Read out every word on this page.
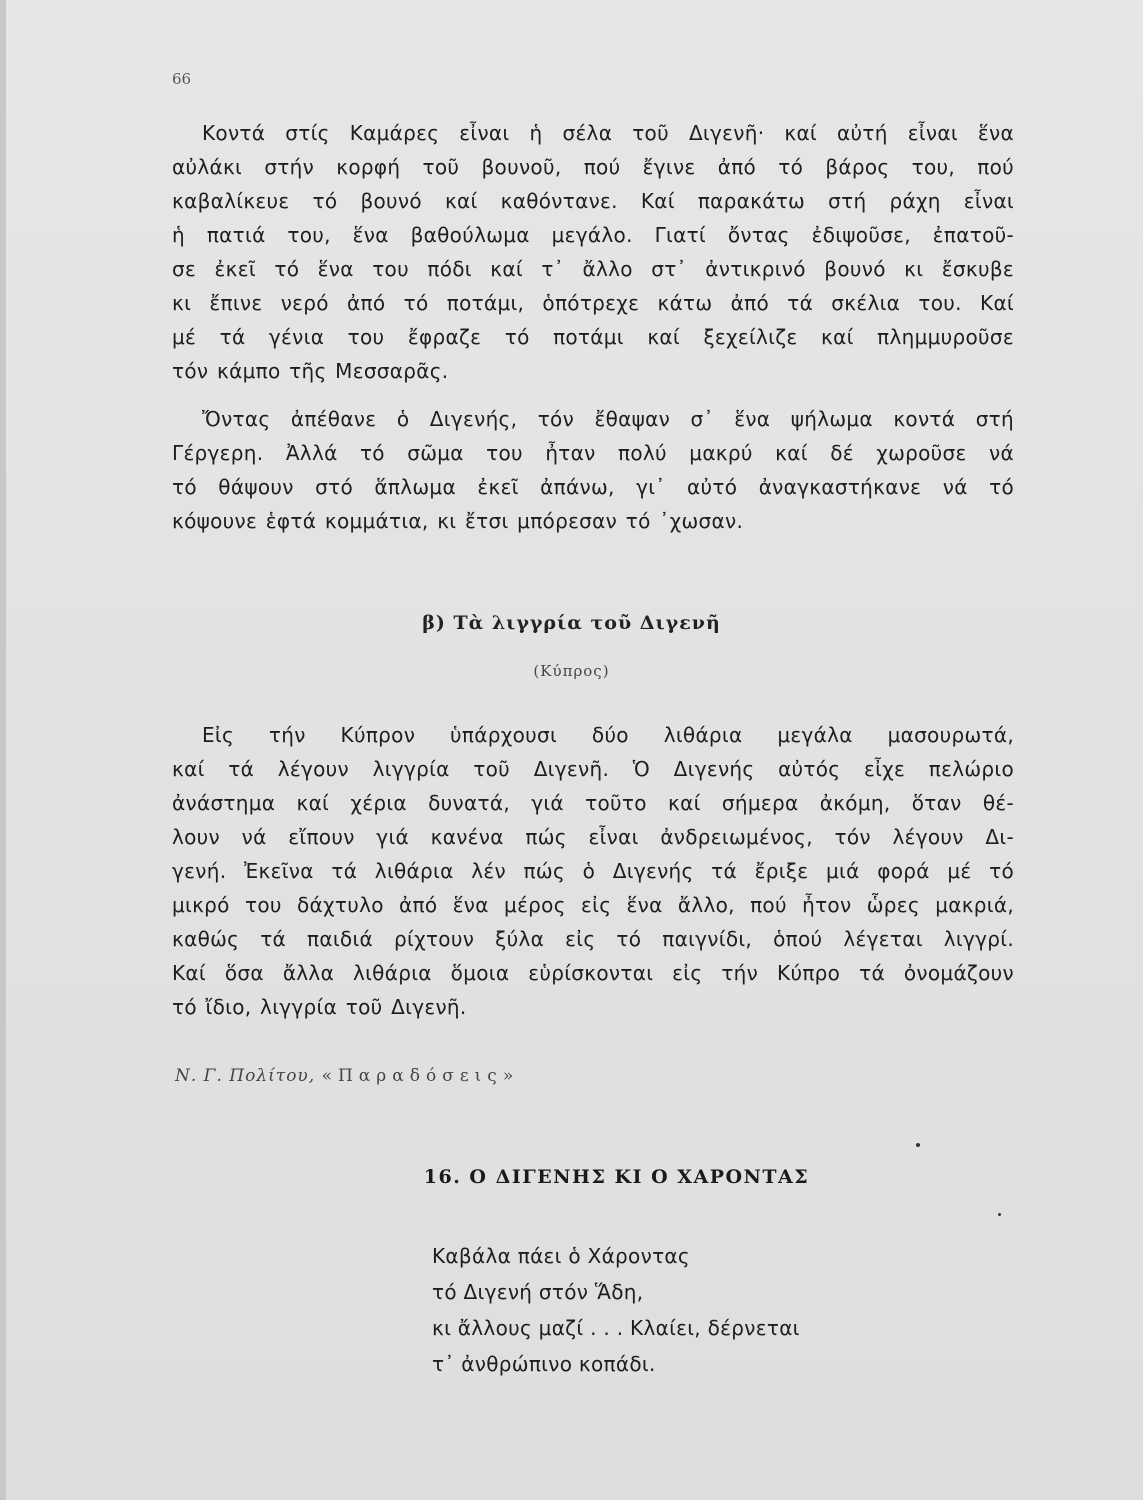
66
Κοντά στίς Καμάρες εἶναι ἡ σέλα τοῦ Διγενῆ· καί αὐτή εἶναι ἕνα
αὐλάκι στήν κορφή τοῦ βουνοῦ, πού ἔγινε ἀπό τό βάρος του, πού
καβαλίκευε τό βουνό καί καθόντανε. Καί παρακάτω στή ράχη εἶναι
ἡ πατιά του, ἕνα βαθούλωμα μεγάλο. Γιατί ὄντας ἐδιψοῦσε, ἐπατοῦ-
σε ἐκεῖ τό ἕνα του πόδι καί τ᾽ ἄλλο στ᾽ ἀντικρινό βουνό κι ἔσκυβε
κι ἔπινε νερό ἀπό τό ποτάμι, ὁπότρεχε κάτω ἀπό τά σκέλια του. Καί
μέ τά γένια του ἔφραζε τό ποτάμι καί ξεχείλιζε καί πλημμυροῦσε
τόν κάμπο τῆς Μεσσαρᾶς.
Ὄντας ἀπέθανε ὁ Διγενής, τόν ἔθαψαν σ᾽ ἕνα ψήλωμα κοντά στή
Γέργερη. Ἀλλά τό σῶμα του ἦταν πολύ μακρύ καί δέ χωροῦσε νά
τό θάψουν στό ἅπλωμα ἐκεῖ ἀπάνω, γι᾽ αὐτό ἀναγκαστήκανε νά τό
κόψουνε ἑφτά κομμάτια, κι ἔτσι μπόρεσαν τό ᾽χωσαν.
β) Τὰ λιγγρία τοῦ Διγενῆ
(Κύπρος)
Εἰς τήν Κύπρον ὑπάρχουσι δύο λιθάρια μεγάλα μασουρωτά,
καί τά λέγουν λιγγρία τοῦ Διγενῆ. Ὁ Διγενής αὐτός εἶχε πελώριο
ἀνάστημα καί χέρια δυνατά, γιά τοῦτο καί σήμερα ἀκόμη, ὅταν θέ-
λουν νά εἴπουν γιά κανένα πώς εἶναι ἀνδρειωμένος, τόν λέγουν Δι-
γενή. Ἐκεῖνα τά λιθάρια λέν πώς ὁ Διγενής τά ἔριξε μιά φορά μέ τό
μικρό του δάχτυλο ἀπό ἕνα μέρος εἰς ἕνα ἄλλο, πού ἦτον ὧρες μακριά,
καθώς τά παιδιά ρίχτουν ξύλα εἰς τό παιγνίδι, ὁπού λέγεται λιγγρί.
Καί ὅσα ἄλλα λιθάρια ὅμοια εὑρίσκονται εἰς τήν Κύπρο τά ὀνομάζουν
τό ἴδιο, λιγγρία τοῦ Διγενῆ.
Ν. Γ. Πολίτου, «Παραδόσεις»
16. Ο ΔΙΓΕΝΗΣ ΚΙ Ο ΧΑΡΟΝΤΑΣ
Καβάλα πάει ὁ Χάροντας
τό Διγενή στόν Ἅδη,
κι ἄλλους μαζί . . . Κλαίει, δέρνεται
τ᾽ ἀνθρώπινο κοπάδι.
